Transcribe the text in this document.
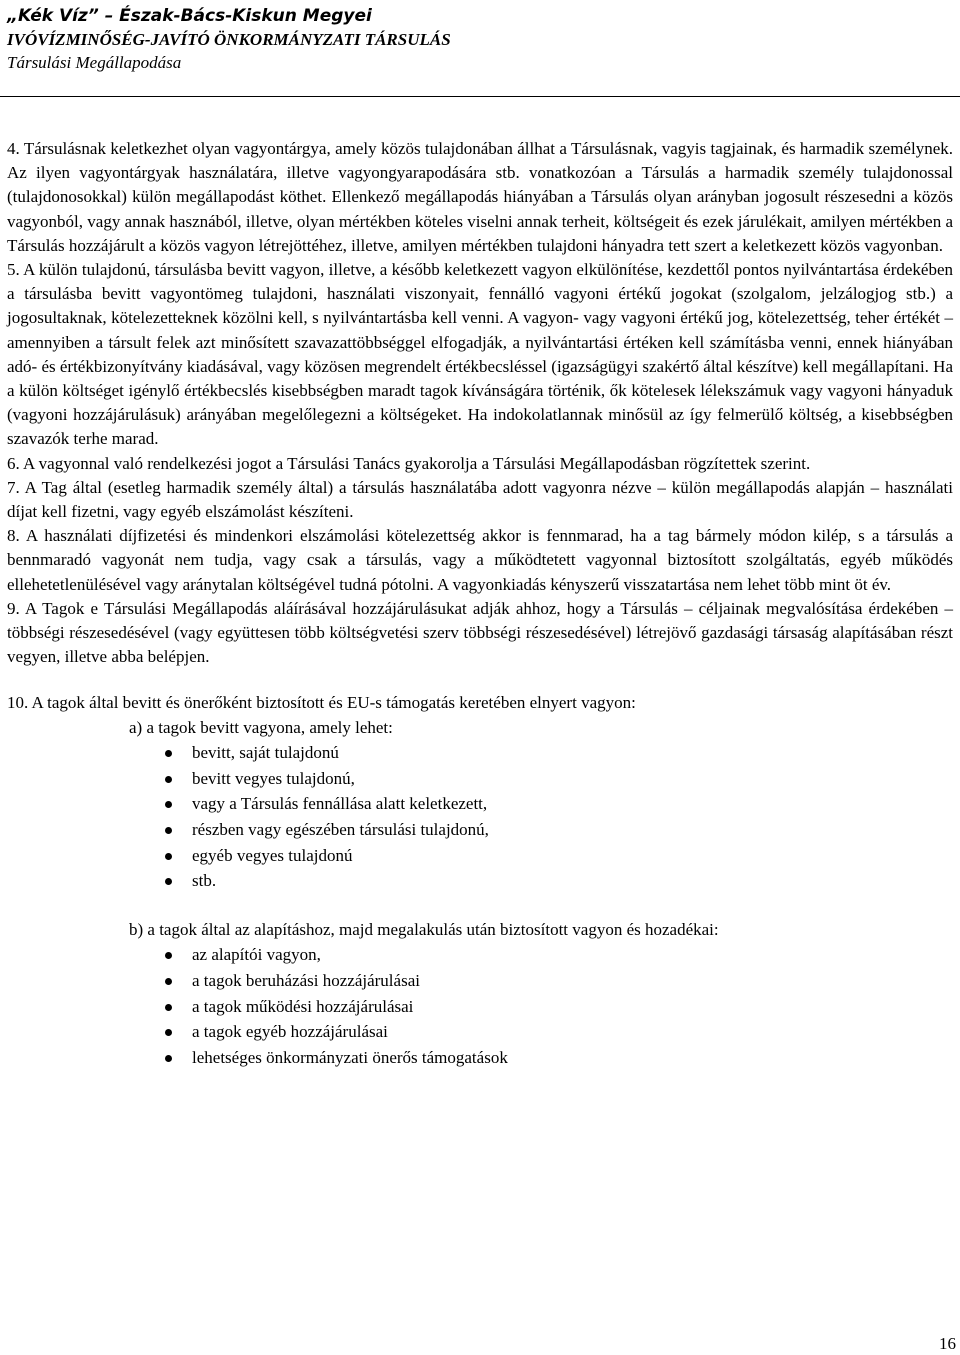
„Kék Víz” – Észak-Bács-Kiskun Megyei
IVÓVÍZMINŐSÉG-JAVÍTÓ ÖNKORMÁNYZATI TÁRSULÁS
Társulási Megállapodása

4. Társulásnak keletkezhet olyan vagyontárgya, amely közös tulajdonában állhat a Társulásnak, vagyis tagjainak, és harmadik személynek. Az ilyen vagyontárgyak használatára, illetve vagyongyarapodására stb. vonatkozóan a Társulás a harmadik személy tulajdonossal (tulajdonosokkal) külön megállapodást köthet. Ellenkező megállapodás hiányában a Társulás olyan arányban jogosult részesedni a közös vagyonból, vagy annak hasznából, illetve, olyan mértékben köteles viselni annak terheit, költségeit és ezek járulékait, amilyen mértékben a Társulás hozzájárult a közös vagyon létrejöttéhez, illetve, amilyen mértékben tulajdoni hányadra tett szert a keletkezett közös vagyonban.

5. A külön tulajdonú, társulásba bevitt vagyon, illetve, a később keletkezett vagyon elkülönítése, kezdettől pontos nyilvántartása érdekében a társulásba bevitt vagyontömeg tulajdoni, használati viszonyait, fennálló vagyoni értékű jogokat (szolgalom, jelzálogjog stb.) a jogosultaknak, kötelezetteknek közölni kell, s nyilvántartásba kell venni. A vagyon- vagy vagyoni értékű jog, kötelezettség, teher értékét – amennyiben a társult felek azt minősített szavazattöbbséggel elfogadják, a nyilvántartási értéken kell számításba venni, ennek hiányában adó- és értékbizonyítvány kiadásával, vagy közösen megrendelt értékbecsléssel (igazságügyi szakértő által készítve) kell megállapítani. Ha a külön költséget igénylő értékbecslés kisebbségben maradt tagok kívánságára történik, ők kötelesek lélekszámuk vagy vagyoni hányaduk (vagyoni hozzájárulásuk) arányában megelőlegezni a költségeket. Ha indokolatlannak minősül az így felmerülő költség, a kisebbségben szavazók terhe marad.

6. A vagyonnal való rendelkezési jogot a Társulási Tanács gyakorolja a Társulási Megállapodásban rögzítettek szerint.

7. A Tag által (esetleg harmadik személy által) a társulás használatába adott vagyonra nézve – külön megállapodás alapján – használati díjat kell fizetni, vagy egyéb elszámolást készíteni.

8. A használati díjfizetési és mindenkori elszámolási kötelezettség akkor is fennmarad, ha a tag bármely módon kilép, s a társulás a bennmaradó vagyonát nem tudja, vagy csak a társulás, vagy a működtetett vagyonnal biztosított szolgáltatás, egyéb működés ellehetetlenülésével vagy aránytalan költségével tudná pótolni. A vagyonkiadás kényszerű visszatartása nem lehet több mint öt év.

9. A Tagok e Társulási Megállapodás aláírásával hozzájárulásukat adják ahhoz, hogy a Társulás – céljainak megvalósítása érdekében – többségi részesedésével (vagy együttesen több költségvetési szerv többségi részesedésével) létrejövő gazdasági társaság alapításában részt vegyen, illetve abba belépjen.

10. A tagok által bevitt és önerőként biztosított és EU-s támogatás keretében elnyert vagyon:

a) a tagok bevitt vagyona, amely lehet:

bevitt, saját tulajdonú
bevitt vegyes tulajdonú,
vagy a Társulás fennállása alatt keletkezett,
részben vagy egészében társulási tulajdonú,
egyéb vegyes tulajdonú
stb.

b) a tagok által az alapításhoz, majd megalakulás után biztosított vagyon és hozadékai:

az alapítói vagyon,
a tagok beruházási hozzájárulásai
a tagok működési hozzájárulásai
a tagok egyéb hozzájárulásai
lehetséges önkormányzati önerős támogatások
16
